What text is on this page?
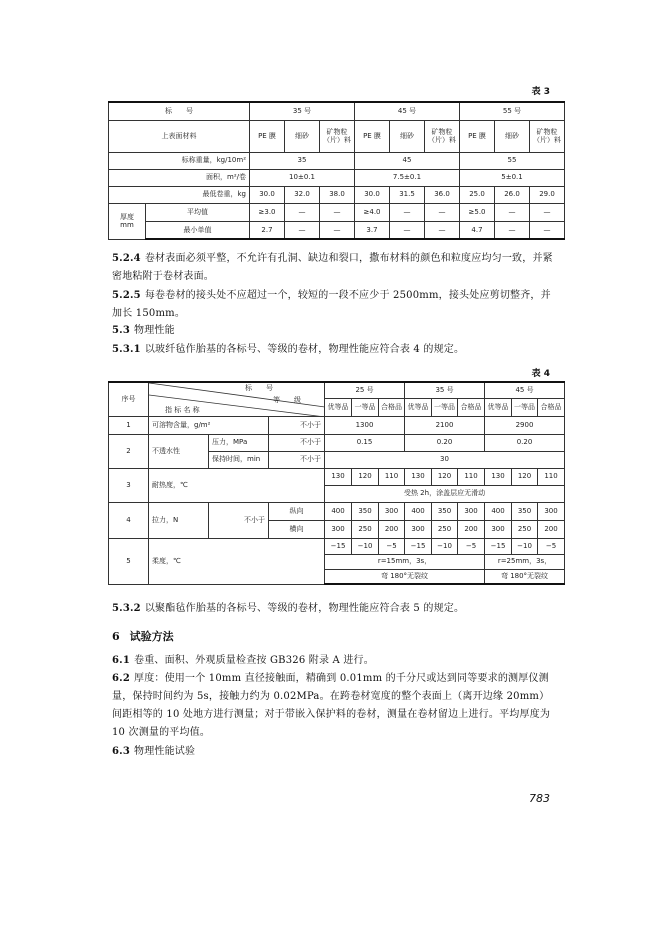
表 3
标　　号		35 号			45 号			55 号		
上表面材料		PE 膜	细砂	矿物粒（片）料	PE 膜	细砂	矿物粒（片）料	PE 膜	细砂	矿物粒（片）料
标称重量，kg/10m²		35			45			55		
面积，m²/卷		10±0.1			7.5±0.1			5±0.1		
最低卷重，kg		30.0	32.0	38.0	30.0	31.5	36.0	25.0	26.0	29.0
厚度
mm	平均值	≥3.0	—	—	≥4.0	—	—	≥5.0	—	—
	最小单值	2.7	—	—	3.7	—	—	4.7	—	—
5.2.4 卷材表面必须平整，不允许有孔洞、缺边和裂口，撒布材料的颜色和粒度应均匀一致，并紧密地粘附于卷材表面。
5.2.5 每卷卷材的接头处不应超过一个，较短的一段不应少于 2500mm，接头处应剪切整齐，并加长 150mm。
5.3 物理性能
5.3.1 以玻纤毡作胎基的各标号、等级的卷材，物理性能应符合表 4 的规定。
表 4
序号	标　　号
等　　级
指 标 名 称			25 号			35 号			45 号		
				优等品	一等品	合格品	优等品	一等品	合格品	优等品	一等品	合格品
1	可溶物含量，g/m²		不小于	1300			2100			2900		
2	不透水性	压力，MPa	不小于	0.15			0.20			0.20		
		保持时间，min	不小于	30								
3	耐热度，℃			130	120	110	130	120	110	130	120	110
				受热 2h，涂盖层应无滑动								
4	拉力，N	不小于	纵向	400	350	300	400	350	300	400	350	300
			横向	300	250	200	300	250	200	300	250	200
5	柔度，℃			−15	−10	−5	−15	−10	−5	−15	−10	−5
				r=15mm，3s，						r=25mm，3s，		
				弯 180°无裂纹						弯 180°无裂纹		
5.3.2 以聚酯毡作胎基的各标号、等级的卷材，物理性能应符合表 5 的规定。
6 试验方法
6.1 卷重、面积、外观质量检查按 GB326 附录 A 进行。
6.2 厚度：使用一个 10mm 直径接触面，精确到 0.01mm 的千分尺或达到同等要求的测厚仪测量，保持时间约为 5s，接触力约为 0.02MPa。在跨卷材宽度的整个表面上（离开边缘 20mm）间距相等的 10 处地方进行测量；对于带嵌入保护料的卷材，测量在卷材留边上进行。平均厚度为 10 次测量的平均值。
6.3 物理性能试验
783
